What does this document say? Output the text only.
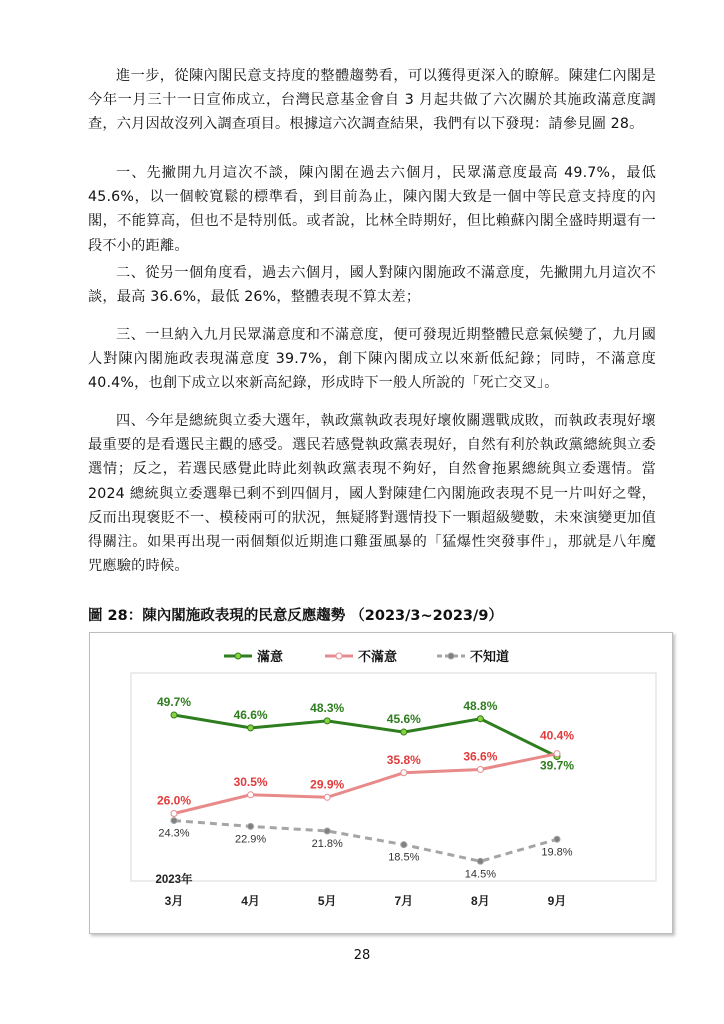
進一步，從陳內閣民意支持度的整體趨勢看，可以獲得更深入的瞭解。陳建仁內閣是今年一月三十一日宣佈成立，台灣民意基金會自 3 月起共做了六次關於其施政滿意度調查，六月因故沒列入調查項目。根據這六次調查結果，我們有以下發現：請參見圖 28。

一、先撇開九月這次不談，陳內閣在過去六個月，民眾滿意度最高 49.7%，最低 45.6%，以一個較寬鬆的標準看，到目前為止，陳內閣大致是一個中等民意支持度的內閣，不能算高，但也不是特別低。或者說，比林全時期好，但比賴蘇內閣全盛時期還有一段不小的距離。

二、從另一個角度看，過去六個月，國人對陳內閣施政不滿意度，先撇開九月這次不談，最高 36.6%，最低 26%，整體表現不算太差；

三、一旦納入九月民眾滿意度和不滿意度，便可發現近期整體民意氣候變了，九月國人對陳內閣施政表現滿意度 39.7%，創下陳內閣成立以來新低紀錄；同時，不滿意度 40.4%，也創下成立以來新高紀錄，形成時下一般人所說的「死亡交叉」。

四、今年是總統與立委大選年，執政黨執政表現好壞攸關選戰成敗，而執政表現好壞最重要的是看選民主觀的感受。選民若感覺執政黨表現好，自然有利於執政黨總統與立委選情；反之，若選民感覺此時此刻執政黨表現不夠好，自然會拖累總統與立委選情。當 2024 總統與立委選舉已剩不到四個月，國人對陳建仁內閣施政表現不見一片叫好之聲，反而出現褒貶不一、模稜兩可的狀況，無疑將對選情投下一顆超級變數，未來演變更加值得關注。如果再出現一兩個類似近期進口雞蛋風暴的「猛爆性突發事件」，那就是八年魔咒應驗的時候。

圖 28：陳內閣施政表現的民意反應趨勢 （2023/3~2023/9）

3月	4月	5月	7月	8月	9月
2023年
滿意	不滿意	不知道
49.7%
46.6%
48.3%
45.6%
48.8%
39.7%
26.0%
30.5%	29.9%
35.8%	36.6%
40.4%
24.3%	22.9%	21.8%
18.5%
14.5%
19.8%
28
